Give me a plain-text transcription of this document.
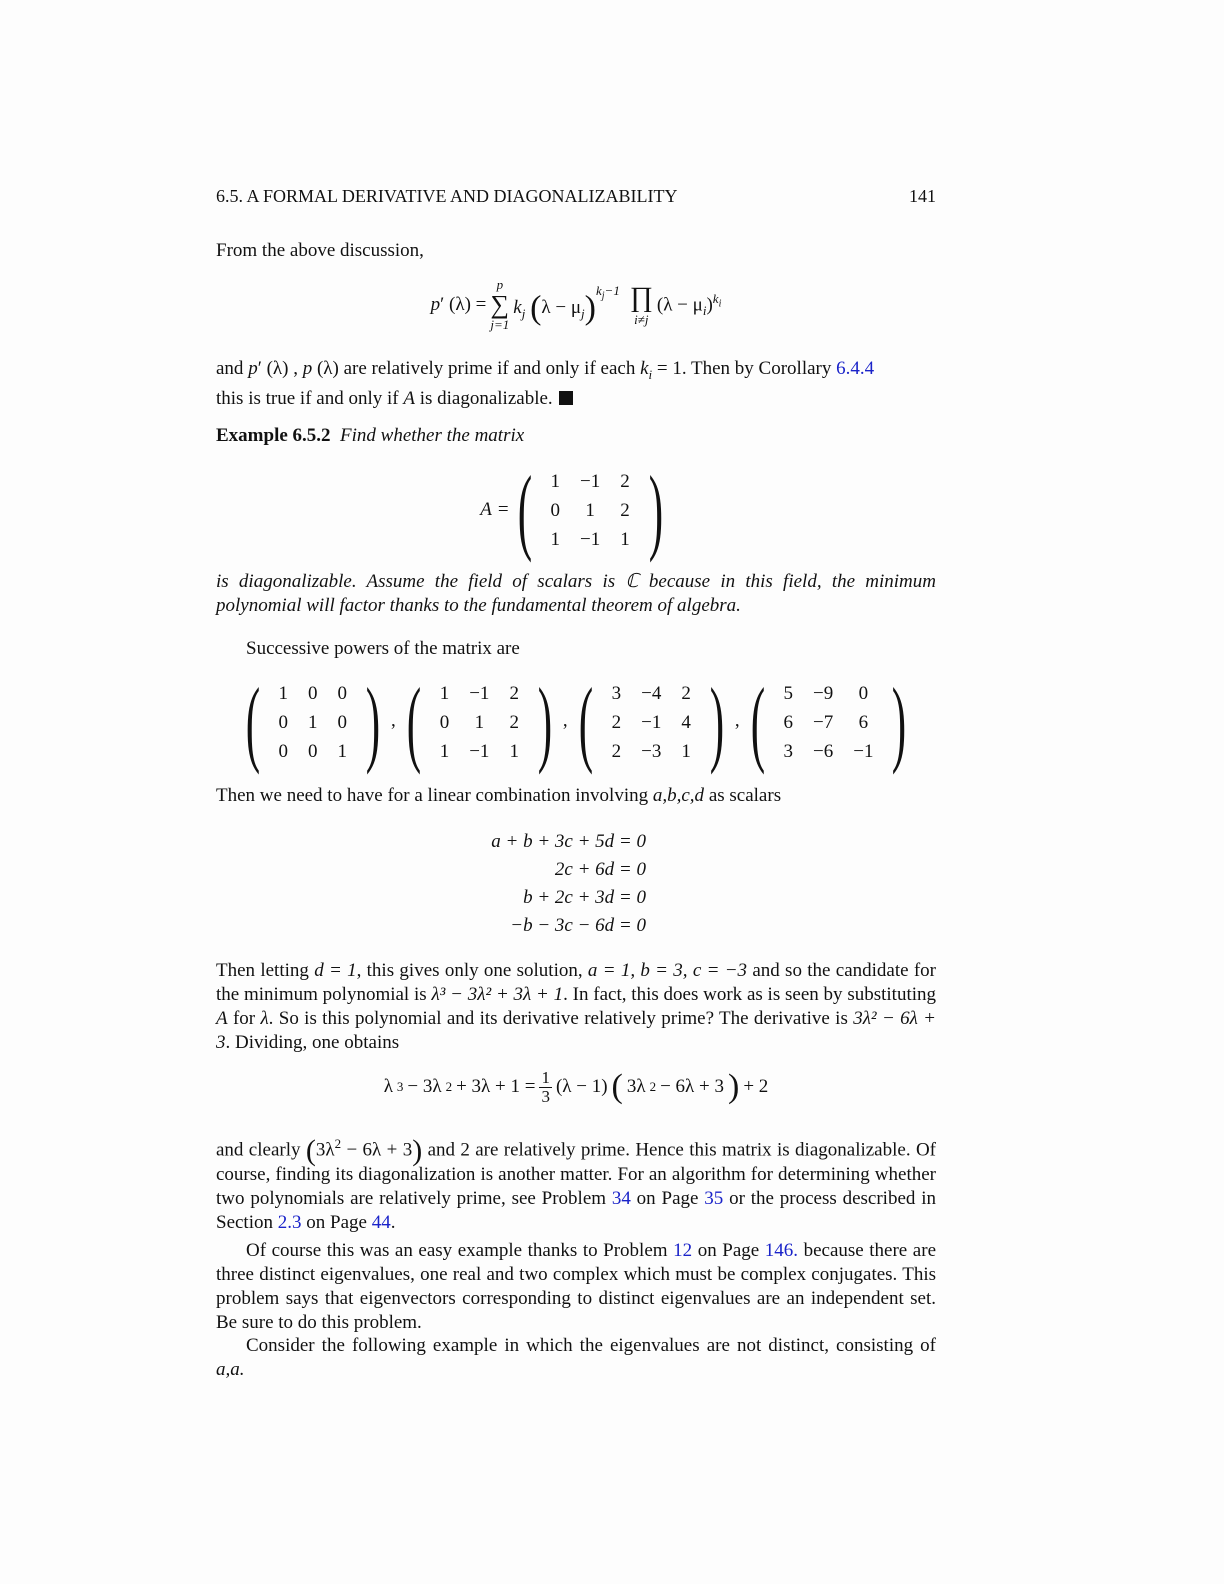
6.5. A FORMAL DERIVATIVE AND DIAGONALIZABILITY	141

From the above discussion,

p′ (λ) =
p
∑
j=1
$k_j$ $(\lambda - \mu_j)^{k_j-1}$ ∏
i≠j
$(\lambda - \mu_i)^{k_i}$

and p′ (λ) , p (λ) are relatively prime if and only if each $k_i = 1$. Then by Corollary 6.4.4
this is true if and only if A is diagonalizable.

Example 6.5.2 Find whether the matrix

A = ( 1	−1	2
0	1	2
1	−1	1 )

is diagonalizable. Assume the field of scalars is ℂ because in this field, the minimum polynomial will factor thanks to the fundamental theorem of algebra.

Successive powers of the matrix are

( 1	0	0
0	1	0
0	0	1 ) , ( 1	−1	2
0	1	2
1	−1	1 ) , ( 3	−4	2
2	−1	4
2	−3	1 ) , ( 5	−9	0
6	−7	6
3	−6	−1 )

Then we need to have for a linear combination involving a,b,c,d as scalars

a + b + 3c + 5d = 0
2c + 6d = 0
b + 2c + 3d = 0
−b − 3c − 6d = 0

Then letting d = 1, this gives only one solution, a = 1, b = 3, c = −3 and so the candidate for the minimum polynomial is λ³ − 3λ² + 3λ + 1. In fact, this does work as is seen by substituting A for λ. So is this polynomial and its derivative relatively prime? The derivative is 3λ² − 6λ + 3. Dividing, one obtains

λ 3 − 3λ $2 + 3\lambda + 1 = \frac{1}{3} (\lambda - 1)$ ( 3λ 2 − 6λ + 3 ) + 2

and clearly $(3\lambda^2 - 6\lambda + 3)$ and 2 are relatively prime. Hence this matrix is diagonalizable. Of course, finding its diagonalization is another matter. For an algorithm for determining whether two polynomials are relatively prime, see Problem 34 on Page 35 or the process described in Section 2.3 on Page 44.

Of course this was an easy example thanks to Problem 12 on Page 146. because there are three distinct eigenvalues, one real and two complex which must be complex conjugates. This problem says that eigenvectors corresponding to distinct eigenvalues are an independent set. Be sure to do this problem.

Consider the following example in which the eigenvalues are not distinct, consisting of a,a.
